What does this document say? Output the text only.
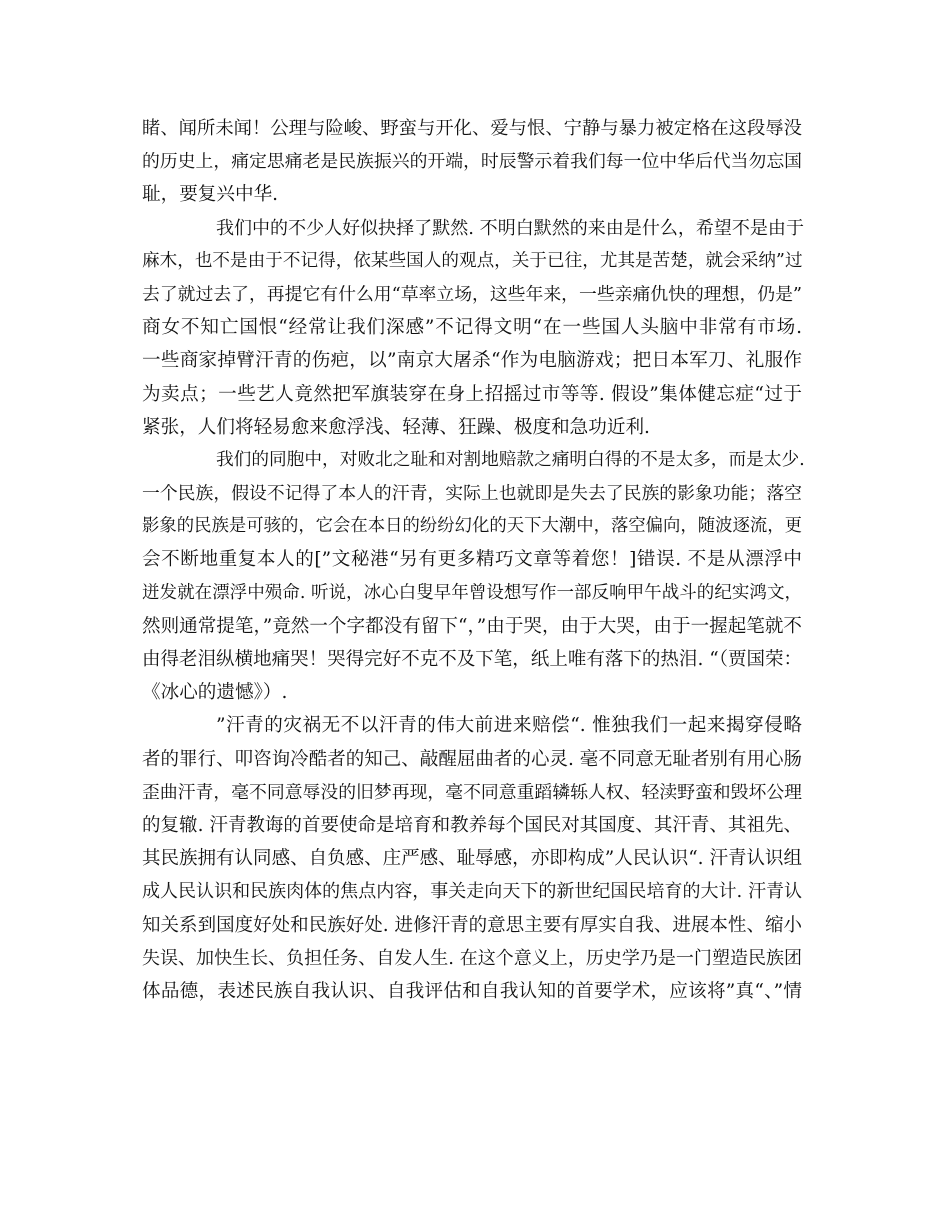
睹、闻所未闻！公理与险峻、野蛮与开化、爱与恨、宁静与暴力被定格在这段辱没
的历史上，痛定思痛老是民族振兴的开端，时辰警示着我们每一位中华后代当勿忘国
耻，要复兴中华.
我们中的不少人好似抉择了默然. 不明白默然的来由是什么，希望不是由于
麻木，也不是由于不记得，依某些国人的观点，关于已往，尤其是苦楚，就会采纳”过
去了就过去了，再提它有什么用“草率立场，这些年来，一些亲痛仇快的理想，仍是”
商女不知亡国恨“经常让我们深感”不记得文明“在一些国人头脑中非常有市场.
一些商家掉臂汗青的伤疤，以”南京大屠杀“作为电脑游戏；把日本军刀、礼服作
为卖点；一些艺人竟然把军旗装穿在身上招摇过市等等. 假设”集体健忘症“过于
紧张，人们将轻易愈来愈浮浅、轻薄、狂躁、极度和急功近利.
我们的同胞中，对败北之耻和对割地赔款之痛明白得的不是太多，而是太少.
一个民族，假设不记得了本人的汗青，实际上也就即是失去了民族的影象功能；落空
影象的民族是可骇的，它会在本日的纷纷幻化的天下大潮中，落空偏向，随波逐流，更
会不断地重复本人的[”文秘港“另有更多精巧文章等着您！]错误. 不是从漂浮中
迸发就在漂浮中殒命. 听说，冰心白叟早年曾设想写作一部反响甲午战斗的纪实鸿文，
然则通常提笔，”竟然一个字都没有留下“，”由于哭，由于大哭，由于一握起笔就不
由得老泪纵横地痛哭！哭得完好不克不及下笔，纸上唯有落下的热泪. “（贾国荣：
《冰心的遗憾》）.
”汗青的灾祸无不以汗青的伟大前进来赔偿“. 惟独我们一起来揭穿侵略
者的罪行、叩咨询冷酷者的知己、敲醒屈曲者的心灵. 毫不同意无耻者别有用心肠
歪曲汗青，毫不同意辱没的旧梦再现，毫不同意重蹈辚轹人权、轻渎野蛮和毁坏公理
的复辙. 汗青教诲的首要使命是培育和教养每个国民对其国度、其汗青、其祖先、
其民族拥有认同感、自负感、庄严感、耻辱感，亦即构成”人民认识“. 汗青认识组
成人民认识和民族肉体的焦点内容，事关走向天下的新世纪国民培育的大计. 汗青认
知关系到国度好处和民族好处. 进修汗青的意思主要有厚实自我、进展本性、缩小
失误、加快生长、负担任务、自发人生. 在这个意义上，历史学乃是一门塑造民族团
体品德，表述民族自我认识、自我评估和自我认知的首要学术，应该将”真“、”情
